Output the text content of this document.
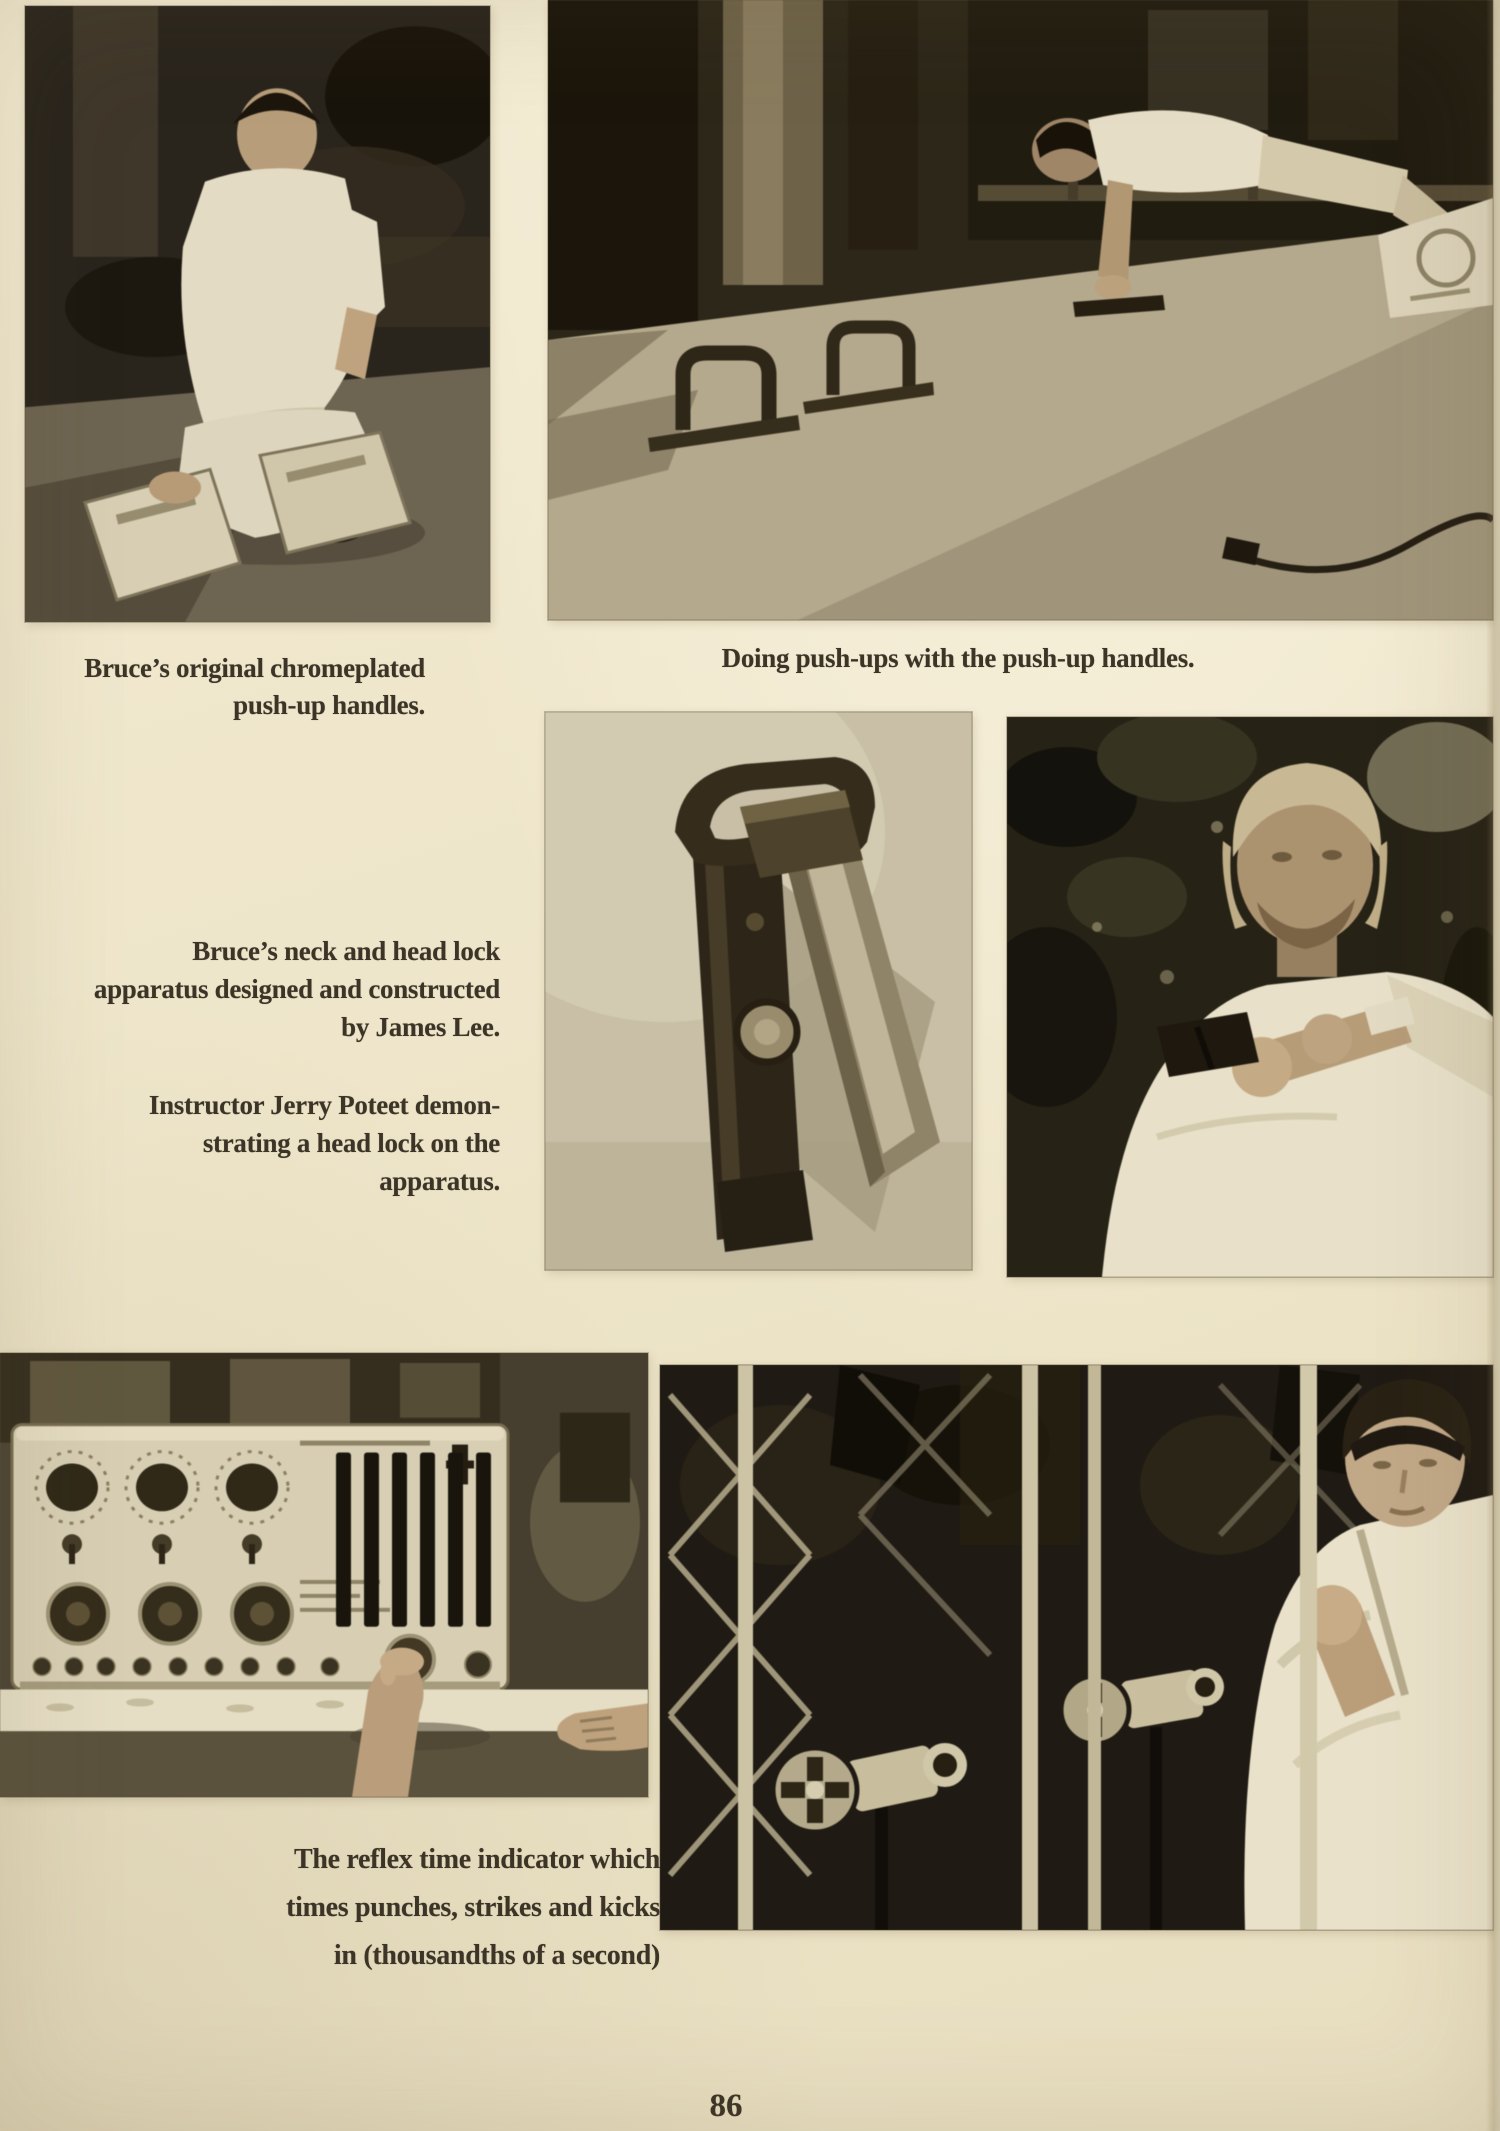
Bruce’s original chromeplated
push-up handles.
Doing push-ups with the push-up handles.
Bruce’s neck and head lock
apparatus designed and constructed
by James Lee.
Instructor Jerry Poteet demon-
strating a head lock on the
apparatus.
The reflex time indicator which
times punches, strikes and kicks
in (thousandths of a second)
86
